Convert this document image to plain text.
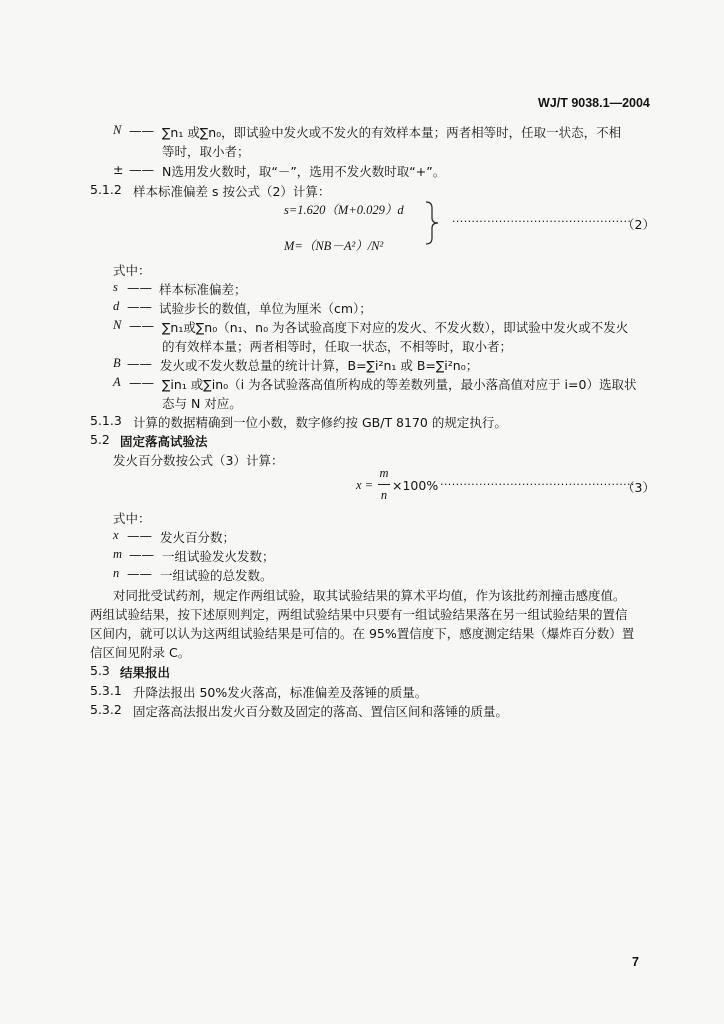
WJ/T 9038.1—2004
N —— ∑n₁ 或∑n₀，即试验中发火或不发火的有效样本量；两者相等时，任取一状态，不相
等时，取小者；
± —— N选用发火数时，取“－”，选用不发火数时取“+”。
5.1.2 样本标准偏差 s 按公式（2）计算：
s=1.620（M+0.029）d
M=（NB－A²）/N²
··············································
（2）
式中：
s —— 样本标准偏差；
d —— 试验步长的数值，单位为厘米（cm）；
N —— ∑n₁或∑n₀（n₁、n₀ 为各试验高度下对应的发火、不发火数），即试验中发火或不发火
的有效样本量；两者相等时，任取一状态，不相等时，取小者；
B —— 发火或不发火数总量的统计计算，B=∑i²n₁ 或 B=∑i²n₀；
A —— ∑in₁ 或∑in₀（i 为各试验落高值所构成的等差数列量，最小落高值对应于 i=0）选取状
态与 N 对应。
5.1.3 计算的数据精确到一位小数，数字修约按 GB/T 8170 的规定执行。
5.2 固定落高试验法
发火百分数按公式（3）计算：
x =
m
n
×100% ··················································
（3）
式中：
x —— 发火百分数；
m —— 一组试验发火发数；
n —— 一组试验的总发数。
对同批受试药剂，规定作两组试验，取其试验结果的算术平均值，作为该批药剂撞击感度值。
两组试验结果，按下述原则判定，两组试验结果中只要有一组试验结果落在另一组试验结果的置信
区间内，就可以认为这两组试验结果是可信的。在 95%置信度下，感度测定结果（爆炸百分数）置
信区间见附录 C。
5.3 结果报出
5.3.1 升降法报出 50%发火落高，标准偏差及落锤的质量。
5.3.2 固定落高法报出发火百分数及固定的落高、置信区间和落锤的质量。
7
